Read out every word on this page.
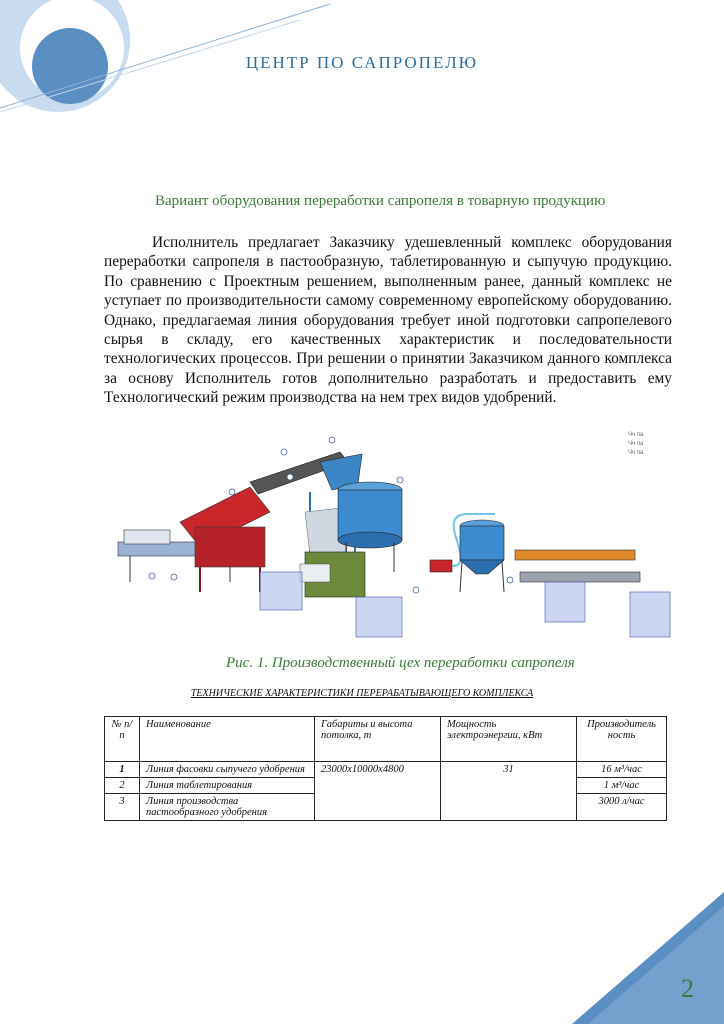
ЦЕНТР ПО САПРОПЕЛЮ
Вариант оборудования переработки сапропеля в товарную продукцию

Исполнитель предлагает Заказчику удешевленный комплекс оборудования переработки сапропеля в пастообразную, таблетированную и сыпучую продукцию. По сравнению с Проектным решением, выполненным ранее, данный комплекс не уступает по производительности самому современному европейскому оборудованию. Однако, предлагаемая линия оборудования требует иной подготовки сапропелевого сырья в складу, его качественных характеристик и последовательности технологических процессов. При решении о принятии Заказчиком данного комплекса за основу Исполнитель готов дополнительно разработать и предоставить ему Технологический режим производства на нем трех видов удобрений.

Чч па
Чч па
Чч па
Рис. 1. Производственный цех переработки сапропеля
ТЕХНИЧЕСКИЕ ХАРАКТЕРИСТИКИ ПЕРЕРАБАТЫВАЮЩЕГО КОМПЛЕКСА
№ п/п	Наименование	Габариты и высота потолка, т	Мощность электроэнергии, кВт	Производитель ность
1	Линия фасовки сыпучего удобрения	23000х10000х4800	31	16 м³/час
2	Линия таблетирования			1 м³/час
3	Линия производства пастообразного удобрения			3000 л/час
2
